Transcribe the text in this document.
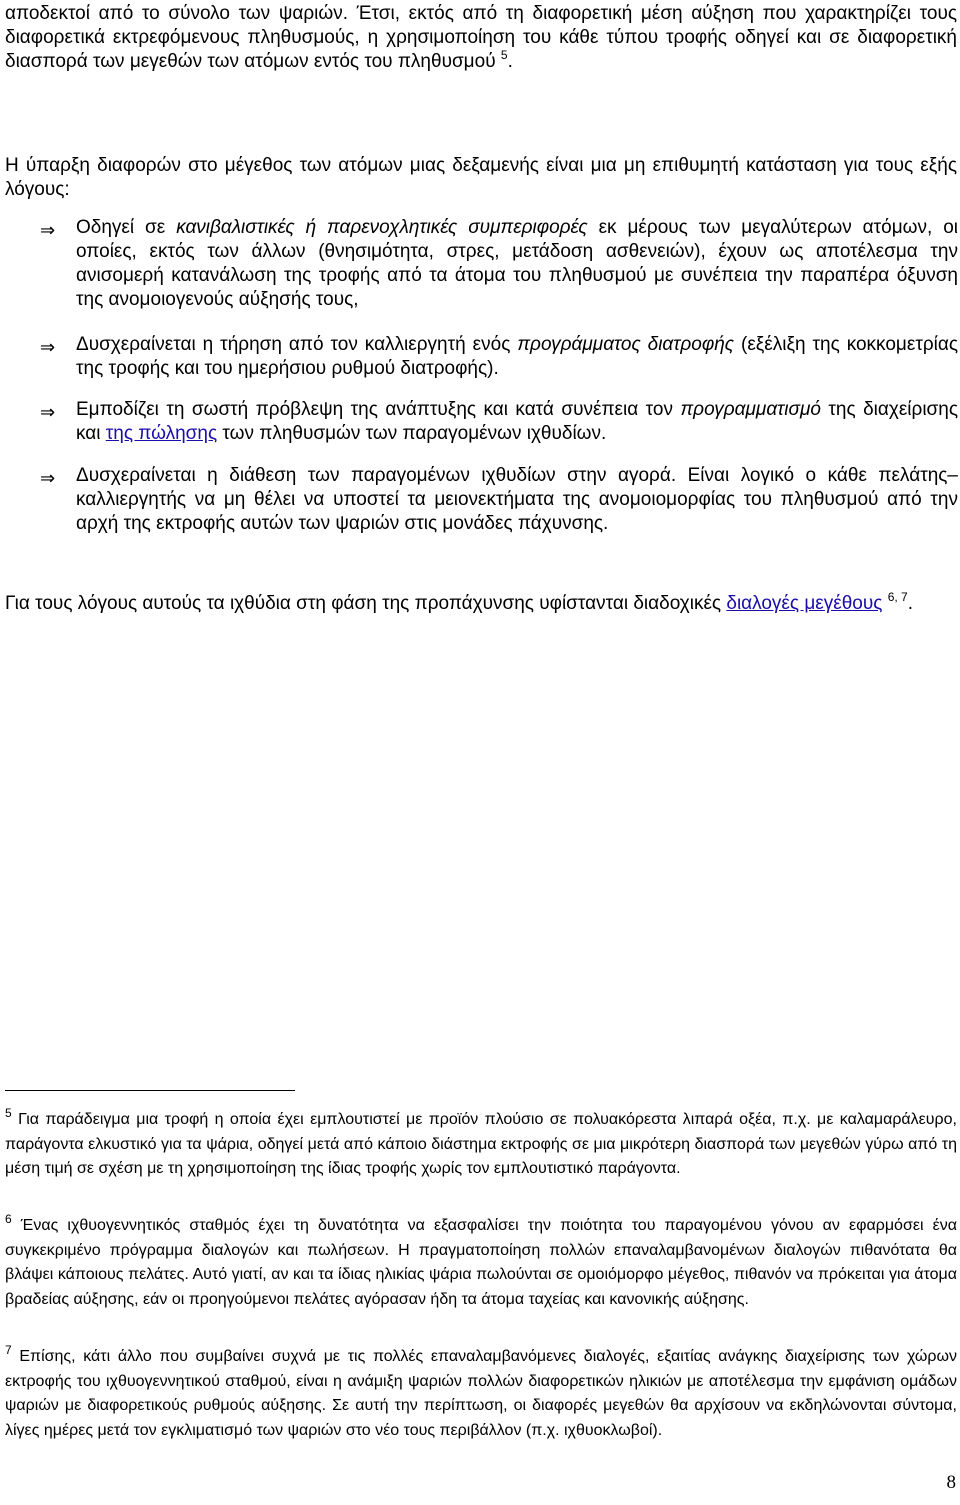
αποδεκτοί από το σύνολο των ψαριών. Έτσι, εκτός από τη διαφορετική μέση αύξηση που χαρακτηρίζει τους διαφορετικά εκτρεφόμενους πληθυσμούς, η χρησιμοποίηση του κάθε τύπου τροφής οδηγεί και σε διαφορετική διασπορά των μεγεθών των ατόμων εντός του πληθυσμού $^5$.

Η ύπαρξη διαφορών στο μέγεθος των ατόμων μιας δεξαμενής είναι μια μη επιθυμητή κατάσταση για τους εξής λόγους:

⇒ Οδηγεί σε κανιβαλιστικές ή παρενοχλητικές συμπεριφορές εκ μέρους των μεγαλύτερων ατόμων, οι οποίες, εκτός των άλλων (θνησιμότητα, στρες, μετάδοση ασθενειών), έχουν ως αποτέλεσμα την ανισομερή κατανάλωση της τροφής από τα άτομα του πληθυσμού με συνέπεια την παραπέρα όξυνση της ανομοιογενούς αύξησής τους,

⇒ Δυσχεραίνεται η τήρηση από τον καλλιεργητή ενός προγράμματος διατροφής (εξέλιξη της κοκκομετρίας της τροφής και του ημερήσιου ρυθμού διατροφής).

⇒ Εμποδίζει τη σωστή πρόβλεψη της ανάπτυξης και κατά συνέπεια τον προγραμματισμό της διαχείρισης και της πώλησης των πληθυσμών των παραγομένων ιχθυδίων.

⇒ Δυσχεραίνεται η διάθεση των παραγομένων ιχθυδίων στην αγορά. Είναι λογικό ο κάθε πελάτης–καλλιεργητής να μη θέλει να υποστεί τα μειονεκτήματα της ανομοιομορφίας του πληθυσμού από την αρχή της εκτροφής αυτών των ψαριών στις μονάδες πάχυνσης.

Για τους λόγους αυτούς τα ιχθύδια στη φάση της προπάχυνσης υφίστανται διαδοχικές διαλογές μεγέθους $^{6, 7}$.

$^5$ Για παράδειγμα μια τροφή η οποία έχει εμπλουτιστεί με προϊόν πλούσιο σε πολυακόρεστα λιπαρά οξέα, π.χ. με καλαμαράλευρο, παράγοντα ελκυστικό για τα ψάρια, οδηγεί μετά από κάποιο διάστημα εκτροφής σε μια μικρότερη διασπορά των μεγεθών γύρω από τη μέση τιμή σε σχέση με τη χρησιμοποίηση της ίδιας τροφής χωρίς τον εμπλουτιστικό παράγοντα.

$^6$ Ένας ιχθυογεννητικός σταθμός έχει τη δυνατότητα να εξασφαλίσει την ποιότητα του παραγομένου γόνου αν εφαρμόσει ένα συγκεκριμένο πρόγραμμα διαλογών και πωλήσεων. Η πραγματοποίηση πολλών επαναλαμβανομένων διαλογών πιθανότατα θα βλάψει κάποιους πελάτες. Αυτό γιατί, αν και τα ίδιας ηλικίας ψάρια πωλούνται σε ομοιόμορφο μέγεθος, πιθανόν να πρόκειται για άτομα βραδείας αύξησης, εάν οι προηγούμενοι πελάτες αγόρασαν ήδη τα άτομα ταχείας και κανονικής αύξησης.

$^7$ Επίσης, κάτι άλλο που συμβαίνει συχνά με τις πολλές επαναλαμβανόμενες διαλογές, εξαιτίας ανάγκης διαχείρισης των χώρων εκτροφής του ιχθυογεννητικού σταθμού, είναι η ανάμιξη ψαριών πολλών διαφορετικών ηλικιών με αποτέλεσμα την εμφάνιση ομάδων ψαριών με διαφορετικούς ρυθμούς αύξησης. Σε αυτή την περίπτωση, οι διαφορές μεγεθών θα αρχίσουν να εκδηλώνονται σύντομα, λίγες ημέρες μετά τον εγκλιματισμό των ψαριών στο νέο τους περιβάλλον (π.χ. ιχθυοκλωβοί).

8
